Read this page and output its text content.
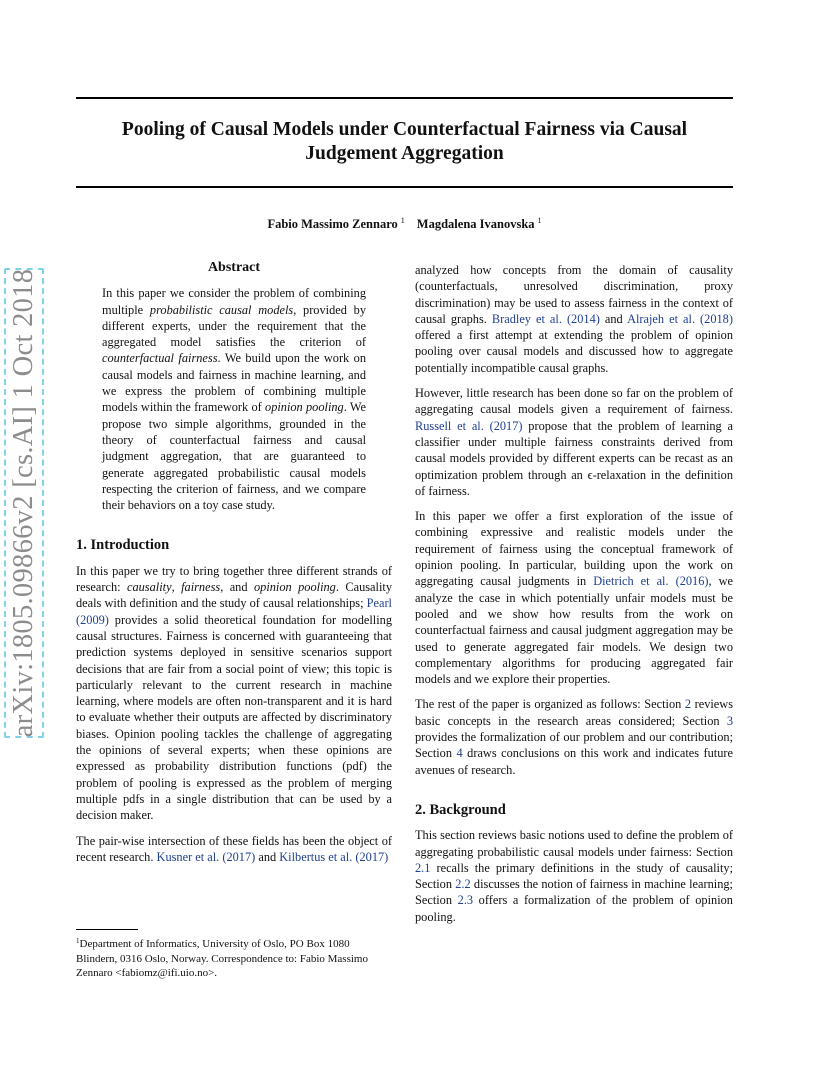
Pooling of Causal Models under Counterfactual Fairness via Causal Judgement Aggregation
Fabio Massimo Zennaro $^1$ Magdalena Ivanovska $^1$
arXiv:1805.09866v2 [cs.AI] 1 Oct 2018
Abstract

In this paper we consider the problem of combining multiple probabilistic causal models, provided by different experts, under the requirement that the aggregated model satisfies the criterion of counterfactual fairness. We build upon the work on causal models and fairness in machine learning, and we express the problem of combining multiple models within the framework of opinion pooling. We propose two simple algorithms, grounded in the theory of counterfactual fairness and causal judgment aggregation, that are guaranteed to generate aggregated probabilistic causal models respecting the criterion of fairness, and we compare their behaviors on a toy case study.

1. Introduction

In this paper we try to bring together three different strands of research: causality, fairness, and opinion pooling. Causality deals with definition and the study of causal relationships; Pearl (2009) provides a solid theoretical foundation for modelling causal structures. Fairness is concerned with guaranteeing that prediction systems deployed in sensitive scenarios support decisions that are fair from a social point of view; this topic is particularly relevant to the current research in machine learning, where models are often non-transparent and it is hard to evaluate whether their outputs are affected by discriminatory biases. Opinion pooling tackles the challenge of aggregating the opinions of several experts; when these opinions are expressed as probability distribution functions (pdf) the problem of pooling is expressed as the problem of merging multiple pdfs in a single distribution that can be used by a decision maker.

The pair-wise intersection of these fields has been the object of recent research. Kusner et al. (2017) and Kilbertus et al. (2017)

$^1$Department of Informatics, University of Oslo, PO Box 1080 Blindern, 0316 Oslo, Norway. Correspondence to: Fabio Massimo Zennaro <fabiomz@ifi.uio.no>.

analyzed how concepts from the domain of causality (counterfactuals, unresolved discrimination, proxy discrimination) may be used to assess fairness in the context of causal graphs. Bradley et al. (2014) and Alrajeh et al. (2018) offered a first attempt at extending the problem of opinion pooling over causal models and discussed how to aggregate potentially incompatible causal graphs.

However, little research has been done so far on the problem of aggregating causal models given a requirement of fairness. Russell et al. (2017) propose that the problem of learning a classifier under multiple fairness constraints derived from causal models provided by different experts can be recast as an optimization problem through an ϵ-relaxation in the definition of fairness.

In this paper we offer a first exploration of the issue of combining expressive and realistic models under the requirement of fairness using the conceptual framework of opinion pooling. In particular, building upon the work on aggregating causal judgments in Dietrich et al. (2016), we analyze the case in which potentially unfair models must be pooled and we show how results from the work on counterfactual fairness and causal judgment aggregation may be used to generate aggregated fair models. We design two complementary algorithms for producing aggregated fair models and we explore their properties.

The rest of the paper is organized as follows: Section 2 reviews basic concepts in the research areas considered; Section 3 provides the formalization of our problem and our contribution; Section 4 draws conclusions on this work and indicates future avenues of research.

2. Background

This section reviews basic notions used to define the problem of aggregating probabilistic causal models under fairness: Section 2.1 recalls the primary definitions in the study of causality; Section 2.2 discusses the notion of fairness in machine learning; Section 2.3 offers a formalization of the problem of opinion pooling.
